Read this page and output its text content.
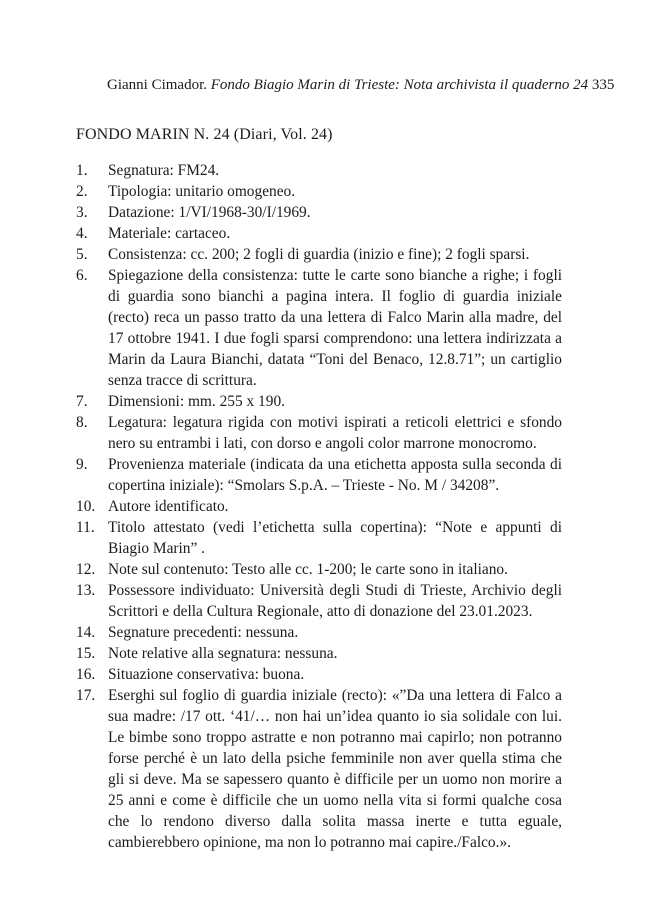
Gianni Cimador. Fondo Biagio Marin di Trieste: Nota archivista il quaderno 24 335
FONDO MARIN N. 24 (Diari, Vol. 24)
1. Segnatura: FM24.
2. Tipologia: unitario omogeneo.
3. Datazione: 1/VI/1968-30/I/1969.
4. Materiale: cartaceo.
5. Consistenza: cc. 200; 2 fogli di guardia (inizio e fine); 2 fogli sparsi.
6. Spiegazione della consistenza: tutte le carte sono bianche a righe; i fogli di guardia sono bianchi a pagina intera. Il foglio di guardia iniziale (recto) reca un passo tratto da una lettera di Falco Marin alla madre, del 17 ottobre 1941. I due fogli sparsi comprendono: una lettera indirizzata a Marin da Laura Bianchi, datata “Toni del Benaco, 12.8.71”; un cartiglio senza tracce di scrittura.
7. Dimensioni: mm. 255 x 190.
8. Legatura: legatura rigida con motivi ispirati a reticoli elettrici e sfondo nero su entrambi i lati, con dorso e angoli color marrone monocromo.
9. Provenienza materiale (indicata da una etichetta apposta sulla seconda di copertina iniziale): “Smolars S.p.A. – Trieste - No. M / 34208”.
10. Autore identificato.
11. Titolo attestato (vedi l’etichetta sulla copertina): “Note e appunti di Biagio Marin” .
12. Note sul contenuto: Testo alle cc. 1-200; le carte sono in italiano.
13. Possessore individuato: Università degli Studi di Trieste, Archivio degli Scrittori e della Cultura Regionale, atto di donazione del 23.01.2023.
14. Segnature precedenti: nessuna.
15. Note relative alla segnatura: nessuna.
16. Situazione conservativa: buona.
17. Eserghi sul foglio di guardia iniziale (recto): «”Da una lettera di Falco a sua madre: /17 ott. ‘41/… non hai un’idea quanto io sia solidale con lui. Le bimbe sono troppo astratte e non potranno mai capirlo; non potranno forse perché è un lato della psiche femminile non aver quella stima che gli si deve. Ma se sapessero quanto è difficile per un uomo non morire a 25 anni e come è difficile che un uomo nella vita si formi qualche cosa che lo rendono diverso dalla solita massa inerte e tutta eguale, cambierebbero opinione, ma non lo potranno mai capire./Falco.».
